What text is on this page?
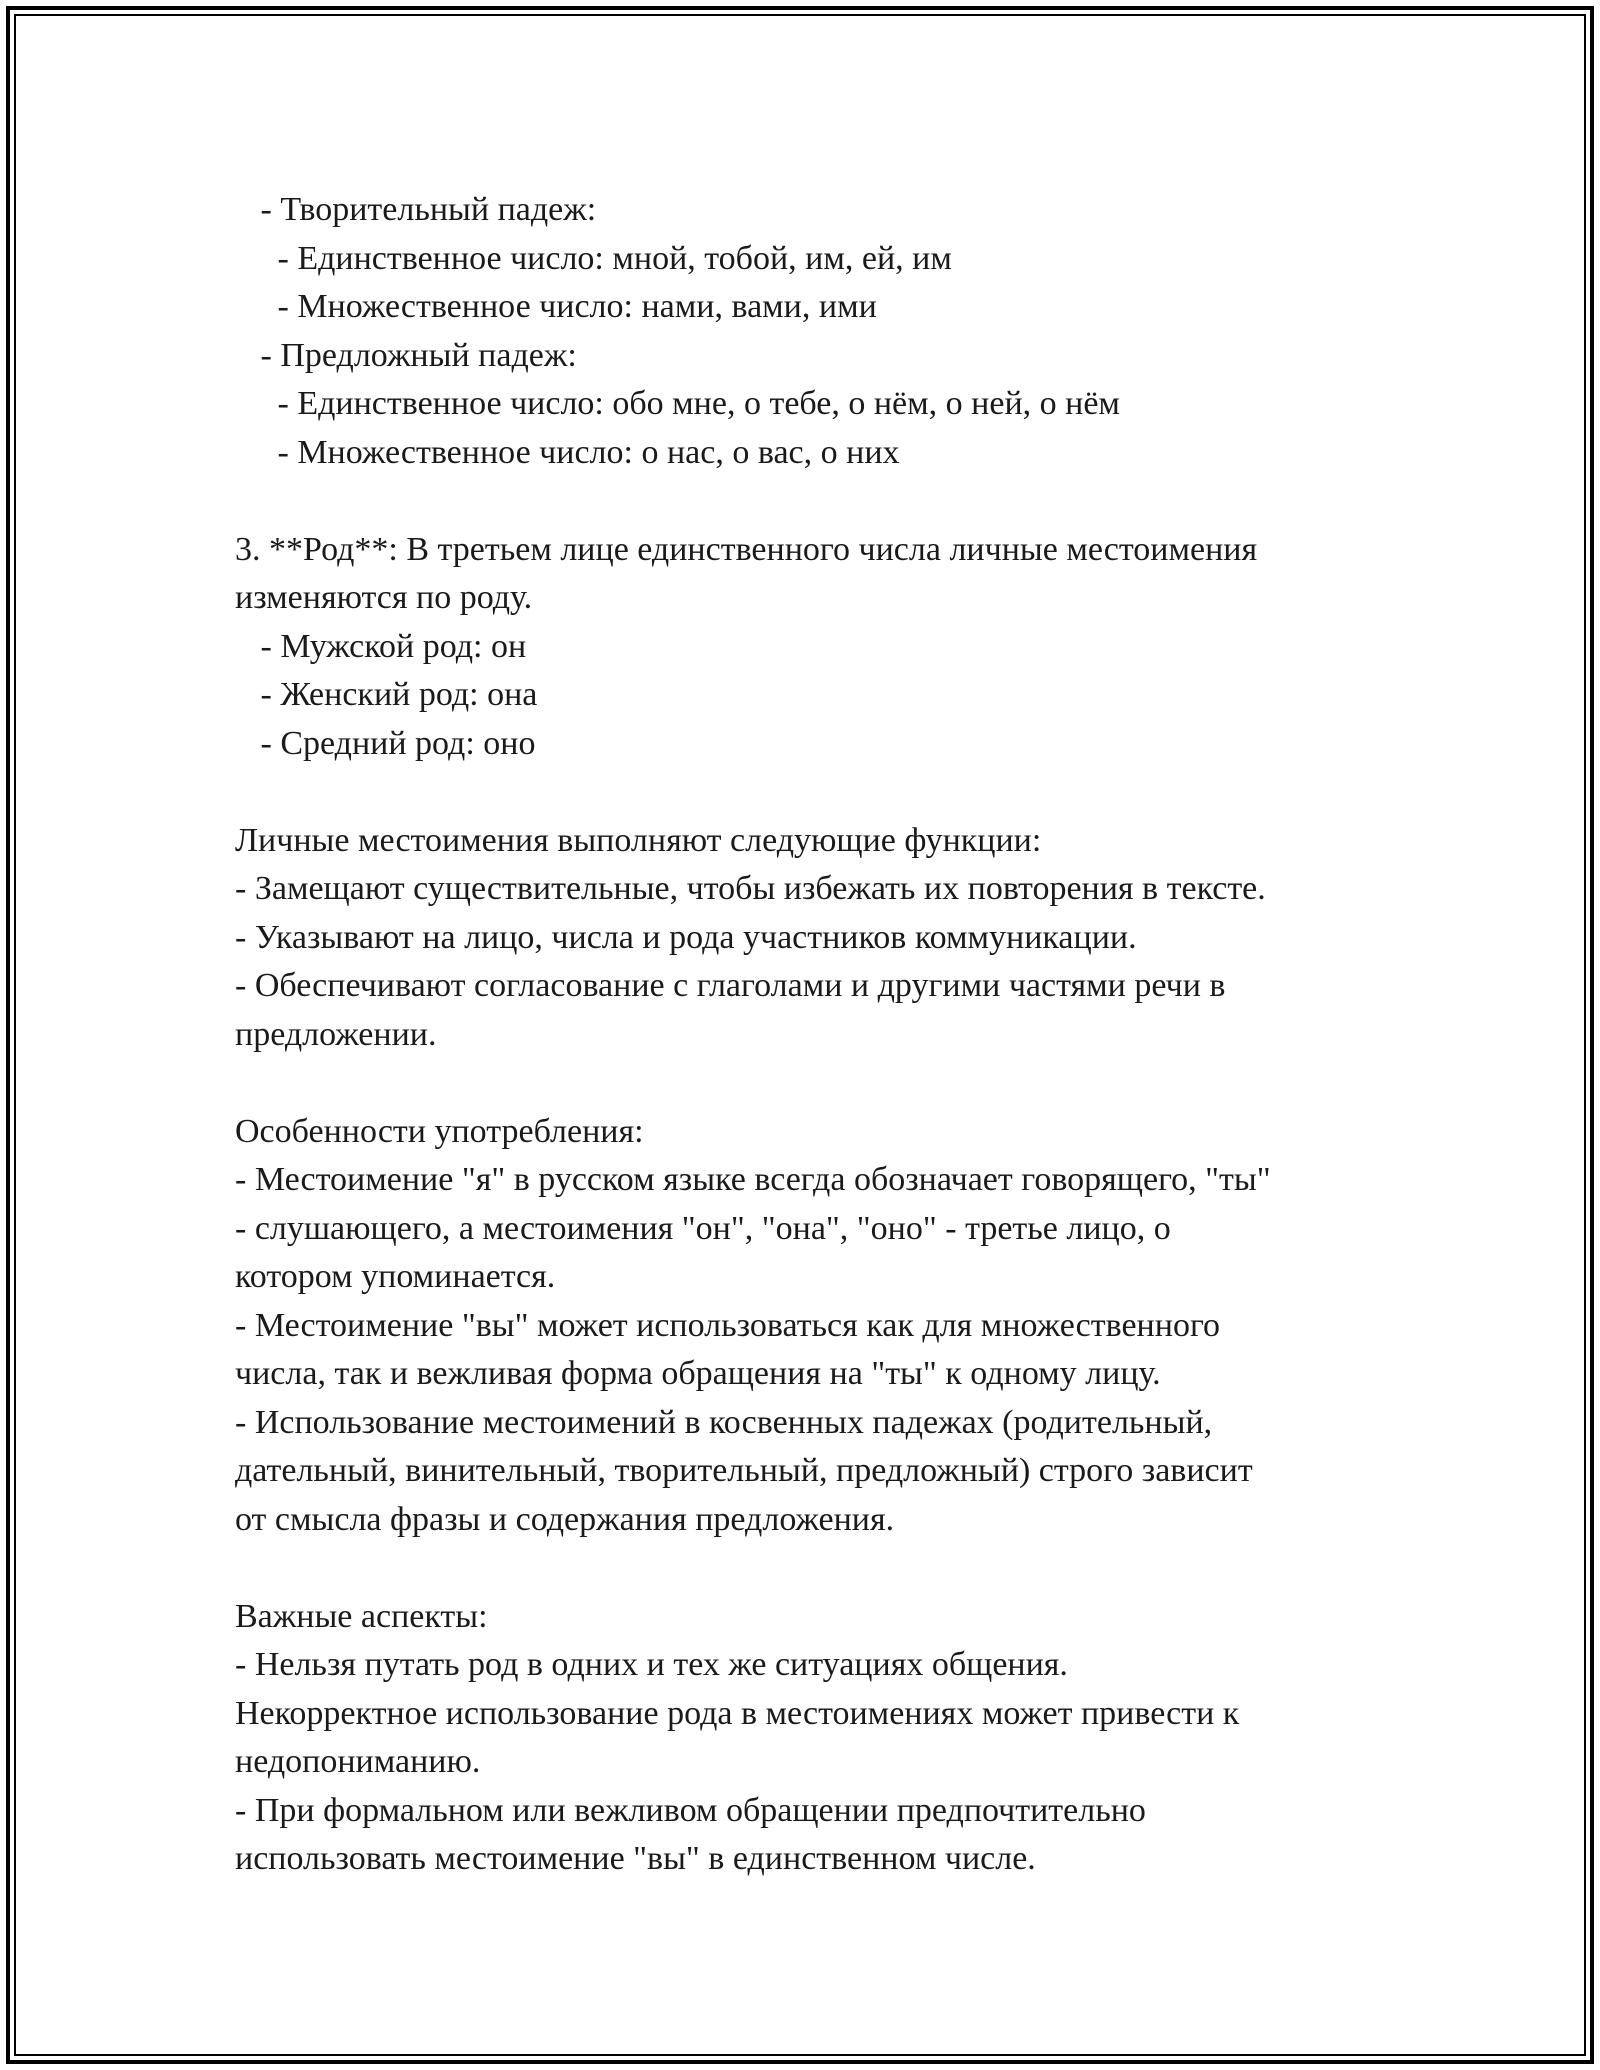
- Творительный падеж:
- Единственное число: мной, тобой, им, ей, им
- Множественное число: нами, вами, ими
- Предложный падеж:
- Единственное число: обо мне, о тебе, о нём, о ней, о нём
- Множественное число: о нас, о вас, о них
3. **Род**: В третьем лице единственного числа личные местоимения
изменяются по роду.
- Мужской род: он
- Женский род: она
- Средний род: оно
Личные местоимения выполняют следующие функции:
- Замещают существительные, чтобы избежать их повторения в тексте.
- Указывают на лицо, числа и рода участников коммуникации.
- Обеспечивают согласование с глаголами и другими частями речи в
предложении.
Особенности употребления:
- Местоимение "я" в русском языке всегда обозначает говорящего, "ты"
- слушающего, а местоимения "он", "она", "оно" - третье лицо, о
котором упоминается.
- Местоимение "вы" может использоваться как для множественного
числа, так и вежливая форма обращения на "ты" к одному лицу.
- Использование местоимений в косвенных падежах (родительный,
дательный, винительный, творительный, предложный) строго зависит
от смысла фразы и содержания предложения.
Важные аспекты:
- Нельзя путать род в одних и тех же ситуациях общения.
Некорректное использование рода в местоимениях может привести к
недопониманию.
- При формальном или вежливом обращении предпочтительно
использовать местоимение "вы" в единственном числе.
